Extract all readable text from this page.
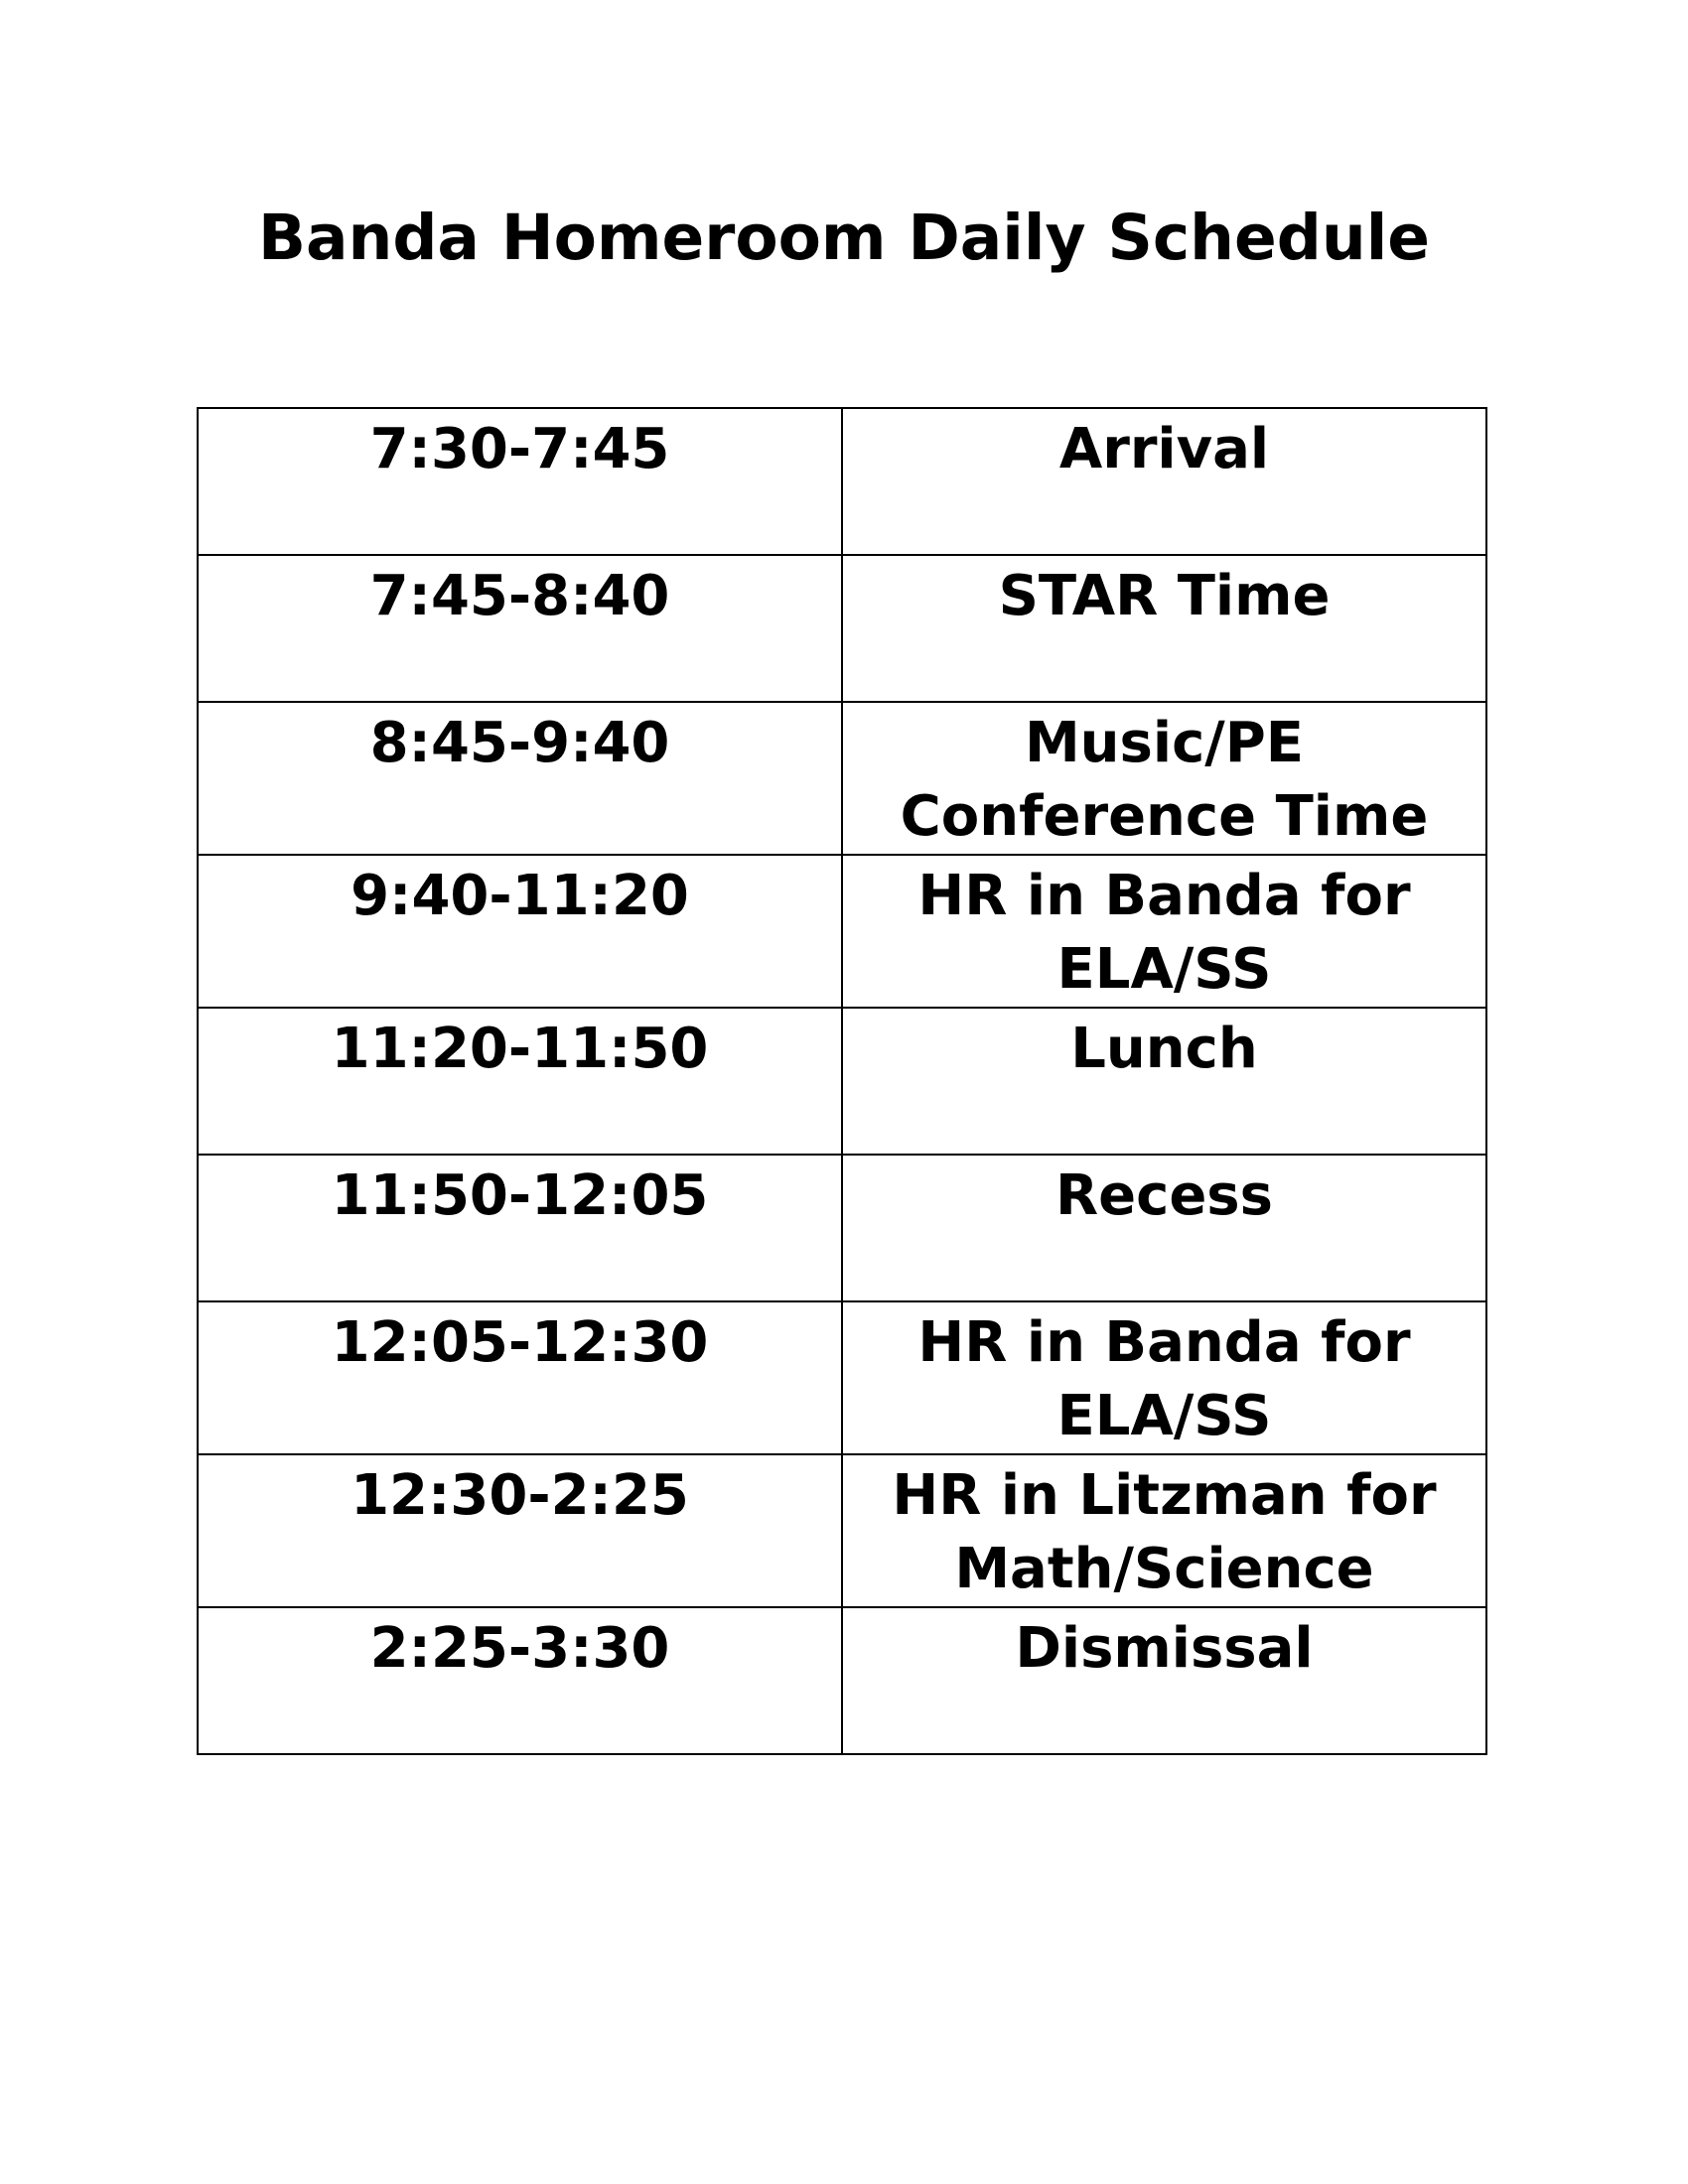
Banda Homeroom Daily Schedule
7:30-7:45	Arrival
7:45-8:40	STAR Time
8:45-9:40	Music/PE Conference Time
9:40-11:20	HR in Banda for ELA/SS
11:20-11:50	Lunch
11:50-12:05	Recess
12:05-12:30	HR in Banda for ELA/SS
12:30-2:25	HR in Litzman for Math/Science
2:25-3:30	Dismissal
